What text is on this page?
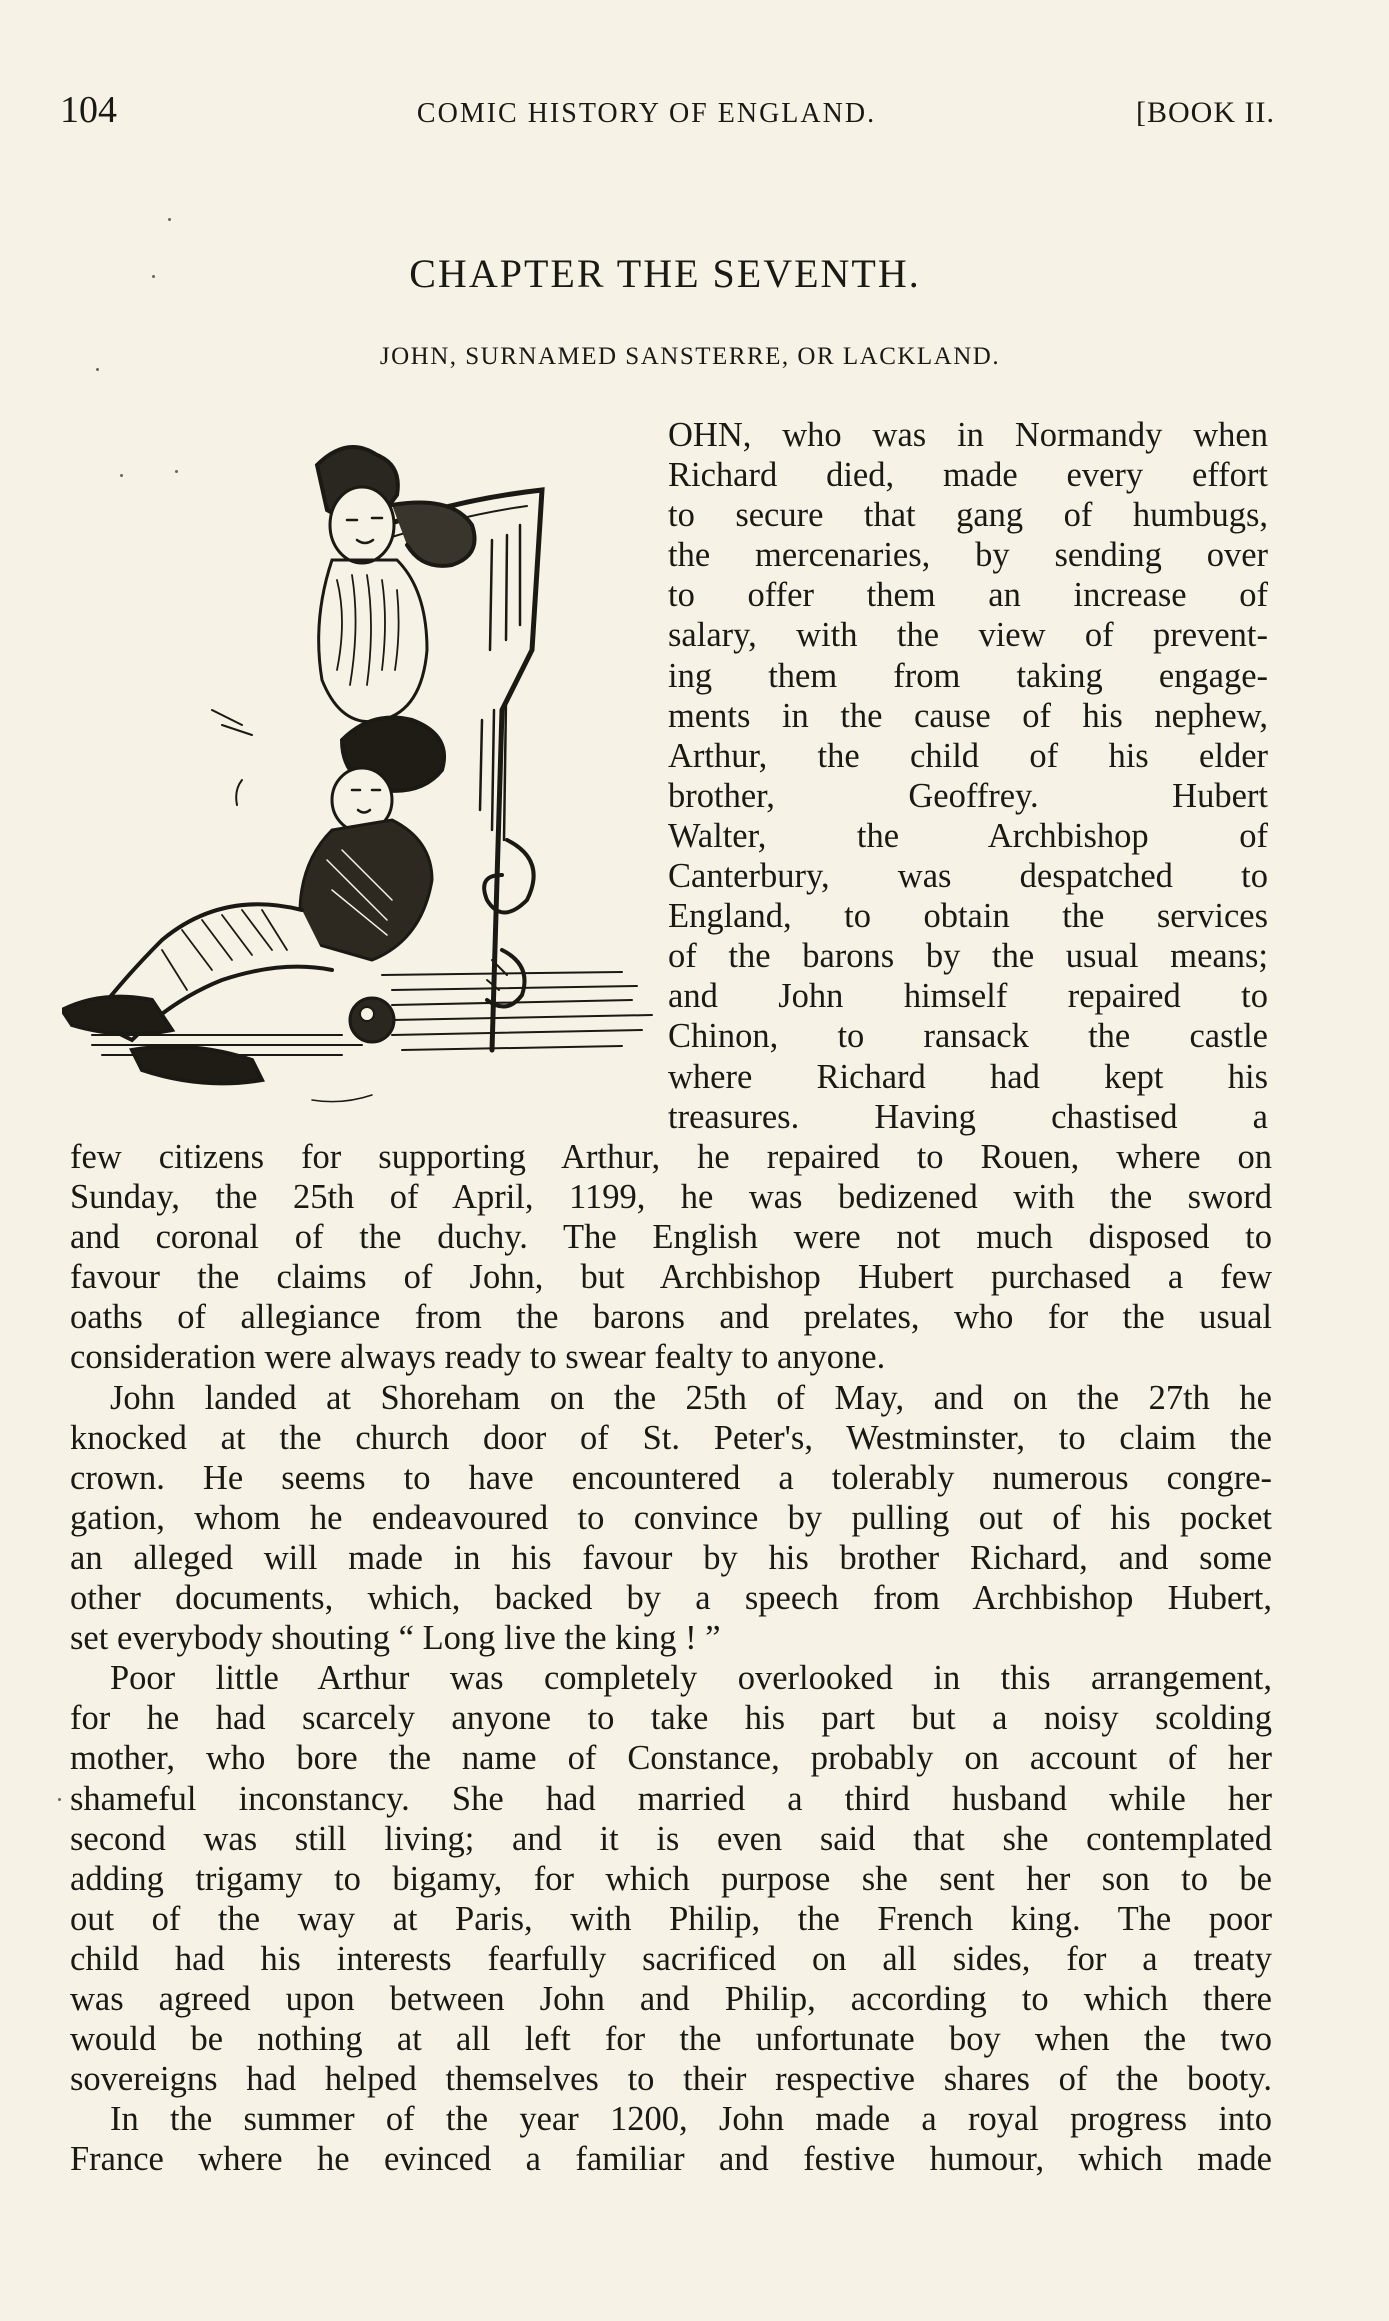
104	COMIC HISTORY OF ENGLAND.	[BOOK II.
CHAPTER THE SEVENTH.
JOHN, SURNAMED SANSTERRE, OR LACKLAND.
OHN, who was in Normandy when
Richard died, made every effort
to secure that gang of humbugs,
the mercenaries, by sending over
to offer them an increase of
salary, with the view of prevent-
ing them from taking engage-
ments in the cause of his nephew,
Arthur, the child of his elder
brother, Geoffrey. Hubert
Walter, the Archbishop of
Canterbury, was despatched to
England, to obtain the services
of the barons by the usual means;
and John himself repaired to
Chinon, to ransack the castle
where Richard had kept his
treasures. Having chastised a
few citizens for supporting Arthur, he repaired to Rouen, where on
Sunday, the 25th of April, 1199, he was bedizened with the sword
and coronal of the duchy. The English were not much disposed to
favour the claims of John, but Archbishop Hubert purchased a few
oaths of allegiance from the barons and prelates, who for the usual
consideration were always ready to swear fealty to anyone.
John landed at Shoreham on the 25th of May, and on the 27th he
knocked at the church door of St. Peter's, Westminster, to claim the
crown. He seems to have encountered a tolerably numerous congre-
gation, whom he endeavoured to convince by pulling out of his pocket
an alleged will made in his favour by his brother Richard, and some
other documents, which, backed by a speech from Archbishop Hubert,
set everybody shouting “ Long live the king ! ”
Poor little Arthur was completely overlooked in this arrangement,
for he had scarcely anyone to take his part but a noisy scolding
mother, who bore the name of Constance, probably on account of her
shameful inconstancy. She had married a third husband while her
second was still living; and it is even said that she contemplated
adding trigamy to bigamy, for which purpose she sent her son to be
out of the way at Paris, with Philip, the French king. The poor
child had his interests fearfully sacrificed on all sides, for a treaty
was agreed upon between John and Philip, according to which there
would be nothing at all left for the unfortunate boy when the two
sovereigns had helped themselves to their respective shares of the booty.
In the summer of the year 1200, John made a royal progress into
France where he evinced a familiar and festive humour, which made
